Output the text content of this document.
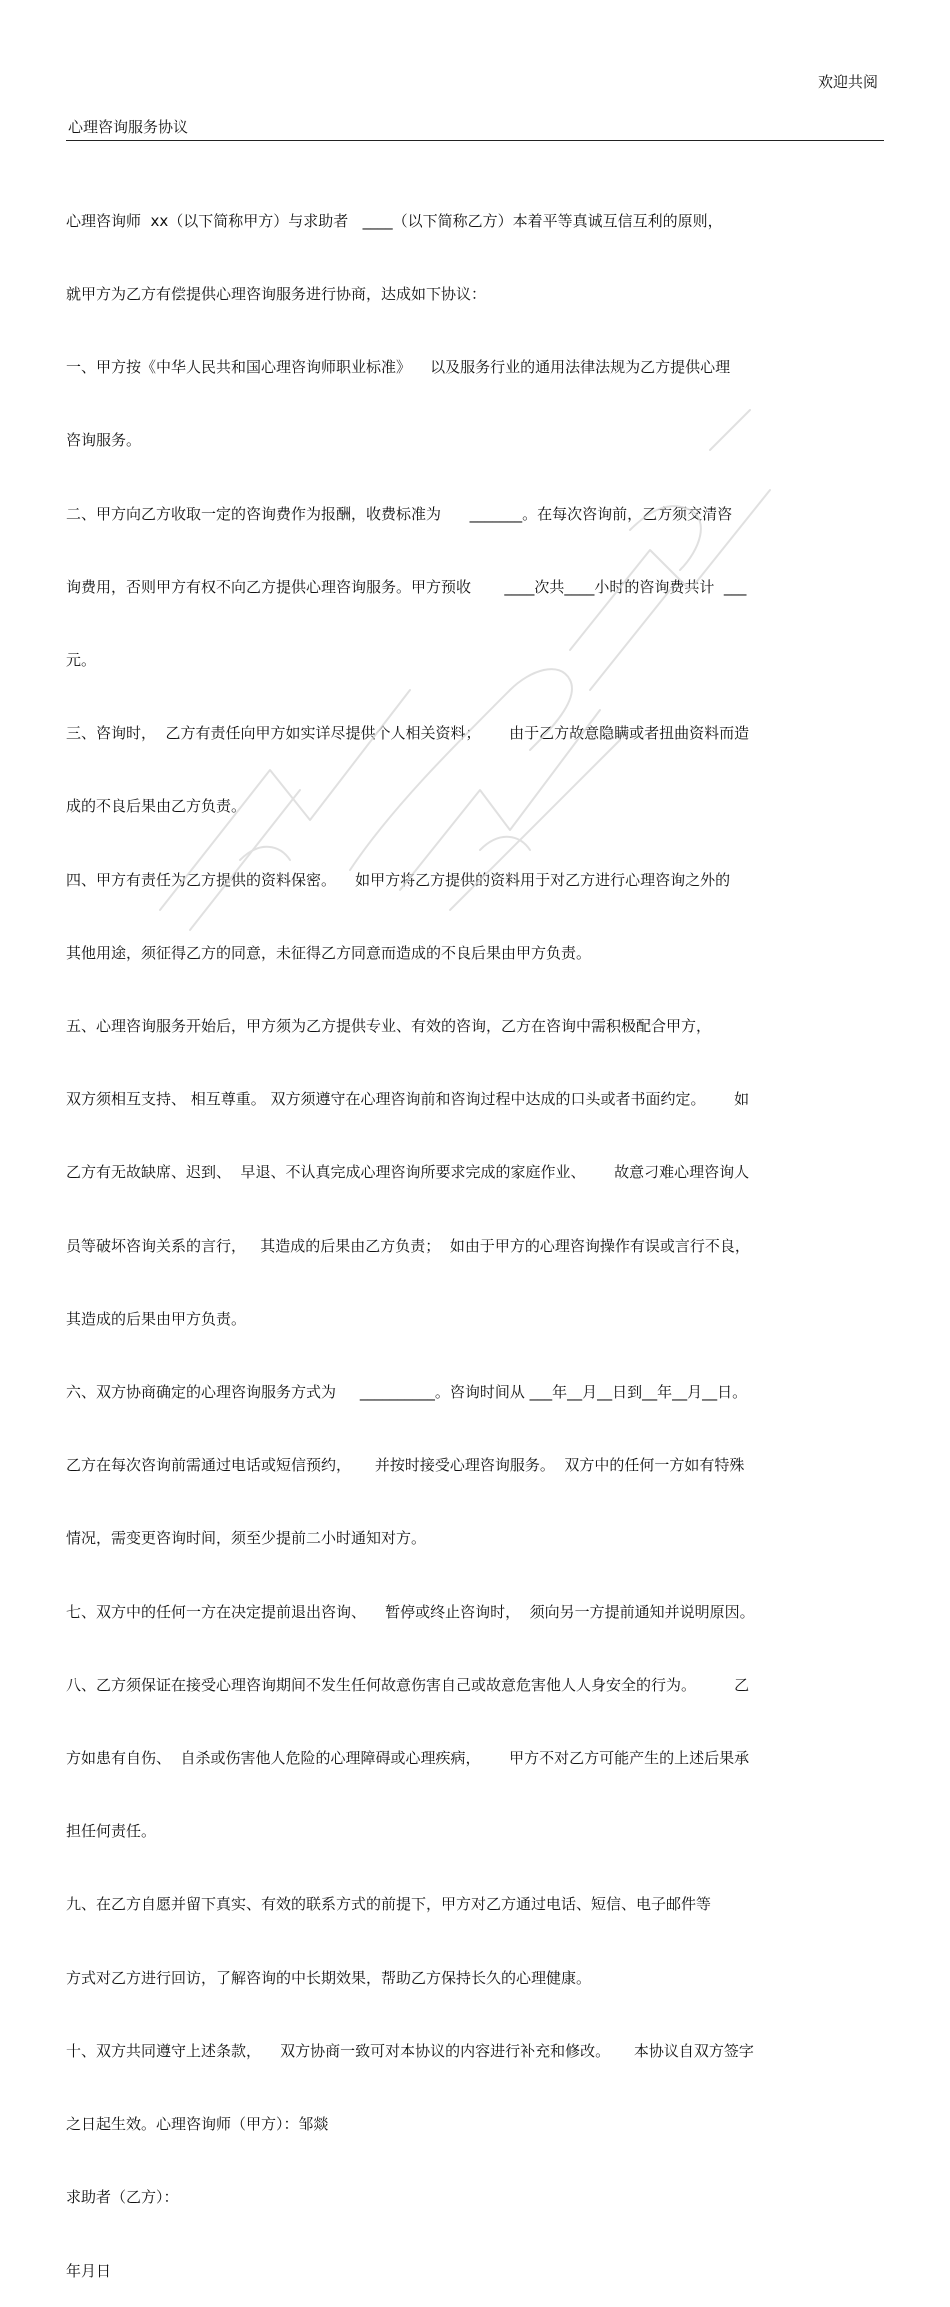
欢迎共阅
心理咨询服务协议

心理咨询师  xx（以下简称甲方）与求助者   ____（以下简称乙方）本着平等真诚互信互利的原则，

就甲方为乙方有偿提供心理咨询服务进行协商，达成如下协议：

一、甲方按《中华人民共和国心理咨询师职业标准》    以及服务行业的通用法律法规为乙方提供心理

咨询服务。

二、甲方向乙方收取一定的咨询费作为报酬，收费标准为      _______。在每次咨询前，乙方须交清咨

询费用，否则甲方有权不向乙方提供心理咨询服务。甲方预收       ____次共____小时的咨询费共计  ___

元。

三、咨询时，  乙方有责任向甲方如实详尽提供个人相关资料；      由于乙方故意隐瞒或者扭曲资料而造

成的不良后果由乙方负责。

四、甲方有责任为乙方提供的资料保密。    如甲方将乙方提供的资料用于对乙方进行心理咨询之外的

其他用途，须征得乙方的同意，未征得乙方同意而造成的不良后果由甲方负责。

五、心理咨询服务开始后，甲方须为乙方提供专业、有效的咨询，乙方在咨询中需积极配合甲方，

双方须相互支持、 相互尊重。 双方须遵守在心理咨询前和咨询过程中达成的口头或者书面约定。      如

乙方有无故缺席、迟到、  早退、不认真完成心理咨询所要求完成的家庭作业、      故意刁难心理咨询人

员等破坏咨询关系的言行，   其造成的后果由乙方负责；  如由于甲方的心理咨询操作有误或言行不良，

其造成的后果由甲方负责。

六、双方协商确定的心理咨询服务方式为     __________。咨询时间从 ___年__月__日到__年__月__日。

乙方在每次咨询前需通过电话或短信预约，     并按时接受心理咨询服务。  双方中的任何一方如有特殊

情况，需变更咨询时间，须至少提前二小时通知对方。

七、双方中的任何一方在决定提前退出咨询、    暂停或终止咨询时，  须向另一方提前通知并说明原因。

八、乙方须保证在接受心理咨询期间不发生任何故意伤害自己或故意危害他人人身安全的行为。        乙

方如患有自伤、  自杀或伤害他人危险的心理障碍或心理疾病，      甲方不对乙方可能产生的上述后果承

担任何责任。

九、在乙方自愿并留下真实、有效的联系方式的前提下，甲方对乙方通过电话、短信、电子邮件等

方式对乙方进行回访，了解咨询的中长期效果，帮助乙方保持长久的心理健康。

十、双方共同遵守上述条款，    双方协商一致可对本协议的内容进行补充和修改。     本协议自双方签字

之日起生效。心理咨询师（甲方）：邹燚

求助者（乙方）：

年月日
